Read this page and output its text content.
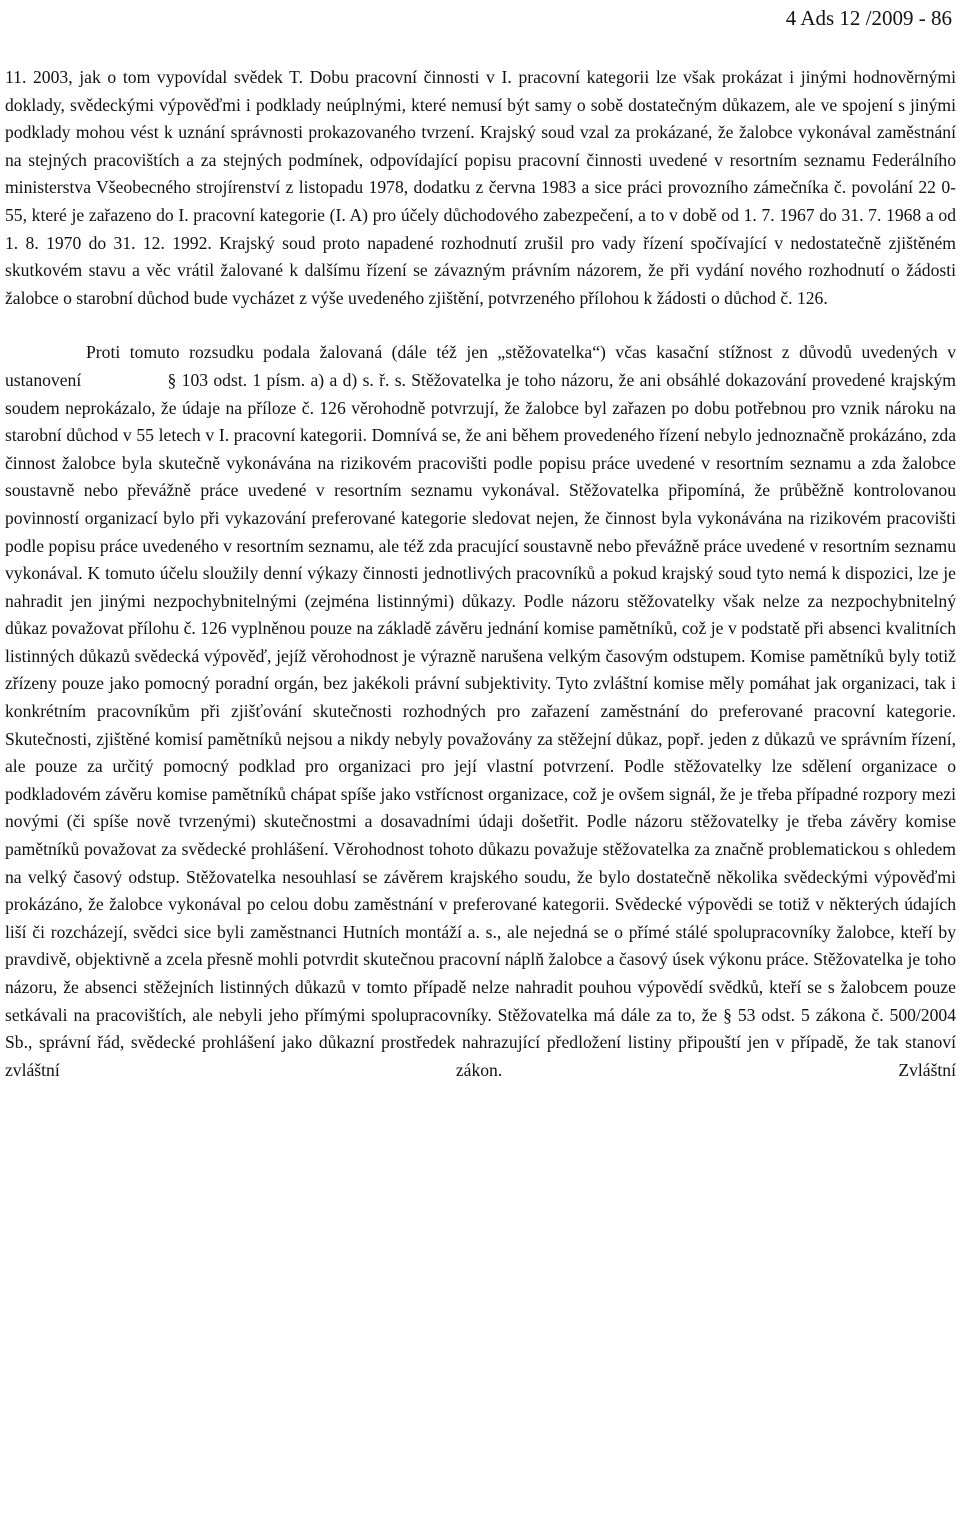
4 Ads 12 /2009 - 86

11. 2003, jak o tom vypovídal svědek T. Dobu pracovní činnosti v I. pracovní kategorii lze však prokázat i jinými hodnověrnými doklady, svědeckými výpověďmi i podklady neúplnými, které nemusí být samy o sobě dostatečným důkazem, ale ve spojení s jinými podklady mohou vést k uznání správnosti prokazovaného tvrzení. Krajský soud vzal za prokázané, že žalobce vykonával zaměstnání na stejných pracovištích a za stejných podmínek, odpovídající popisu pracovní činnosti uvedené v resortním seznamu Federálního ministerstva Všeobecného strojírenství z listopadu 1978, dodatku z června 1983 a sice práci provozního zámečníka č. povolání 22 0-55, které je zařazeno do I. pracovní kategorie (I. A) pro účely důchodového zabezpečení, a to v době od 1. 7. 1967 do 31. 7. 1968 a od 1. 8. 1970 do 31. 12. 1992. Krajský soud proto napadené rozhodnutí zrušil pro vady řízení spočívající v nedostatečně zjištěném skutkovém stavu a věc vrátil žalované k dalšímu řízení se závazným právním názorem, že při vydání nového rozhodnutí o žádosti žalobce o starobní důchod bude vycházet z výše uvedeného zjištění, potvrzeného přílohou k žádosti o důchod č. 126.

Proti tomuto rozsudku podala žalovaná (dále též jen „stěžovatelka“) včas kasační stížnost z důvodů uvedených v ustanovení	§ 103 odst. 1 písm. a) a d) s. ř. s. Stěžovatelka je toho názoru, že ani obsáhlé dokazování provedené krajským soudem neprokázalo, že údaje na příloze č. 126 věrohodně potvrzují, že žalobce byl zařazen po dobu potřebnou pro vznik nároku na starobní důchod v 55 letech v I. pracovní kategorii. Domnívá se, že ani během provedeného řízení nebylo jednoznačně prokázáno, zda činnost žalobce byla skutečně vykonávána na rizikovém pracovišti podle popisu práce uvedené v resortním seznamu a zda žalobce soustavně nebo převážně práce uvedené v resortním seznamu vykonával. Stěžovatelka připomíná, že průběžně kontrolovanou povinností organizací bylo při vykazování preferované kategorie sledovat nejen, že činnost byla vykonávána na rizikovém pracovišti podle popisu práce uvedeného v resortním seznamu, ale též zda pracující soustavně nebo převážně práce uvedené v resortním seznamu vykonával. K tomuto účelu sloužily denní výkazy činnosti jednotlivých pracovníků a pokud krajský soud tyto nemá k dispozici, lze je nahradit jen jinými nezpochybnitelnými (zejména listinnými) důkazy. Podle názoru stěžovatelky však nelze za nezpochybnitelný důkaz považovat přílohu č. 126 vyplněnou pouze na základě závěru jednání komise pamětníků, což je v podstatě při absenci kvalitních listinných důkazů svědecká výpověď, jejíž věrohodnost je výrazně narušena velkým časovým odstupem. Komise pamětníků byly totiž zřízeny pouze jako pomocný poradní orgán, bez jakékoli právní subjektivity. Tyto zvláštní komise měly pomáhat jak organizaci, tak i konkrétním pracovníkům při zjišťování skutečnosti rozhodných pro zařazení zaměstnání do preferované pracovní kategorie. Skutečnosti, zjištěné komisí pamětníků nejsou a nikdy nebyly považovány za stěžejní důkaz, popř. jeden z důkazů ve správním řízení, ale pouze za určitý pomocný podklad pro organizaci pro její vlastní potvrzení. Podle stěžovatelky lze sdělení organizace o podkladovém závěru komise pamětníků chápat spíše jako vstřícnost organizace, což je ovšem signál, že je třeba případné rozpory mezi novými (či spíše nově tvrzenými) skutečnostmi a dosavadními údaji došetřit. Podle názoru stěžovatelky je třeba závěry komise pamětníků považovat za svědecké prohlášení. Věrohodnost tohoto důkazu považuje stěžovatelka za značně problematickou s ohledem na velký časový odstup. Stěžovatelka nesouhlasí se závěrem krajského soudu, že bylo dostatečně několika svědeckými výpověďmi prokázáno, že žalobce vykonával po celou dobu zaměstnání v preferované kategorii. Svědecké výpovědi se totiž v některých údajích liší či rozcházejí, svědci sice byli zaměstnanci Hutních montáží a. s., ale nejedná se o přímé stálé spolupracovníky žalobce, kteří by pravdivě, objektivně a zcela přesně mohli potvrdit skutečnou pracovní náplň žalobce a časový úsek výkonu práce. Stěžovatelka je toho názoru, že absenci stěžejních listinných důkazů v tomto případě nelze nahradit pouhou výpovědí svědků, kteří se s žalobcem pouze setkávali na pracovištích, ale nebyli jeho přímými spolupracovníky. Stěžovatelka má dále za to, že § 53 odst. 5 zákona č. 500/2004 Sb., správní řád, svědecké prohlášení jako důkazní prostředek nahrazující předložení listiny připouští jen v případě, že tak stanoví zvláštní zákon. Zvláštní
